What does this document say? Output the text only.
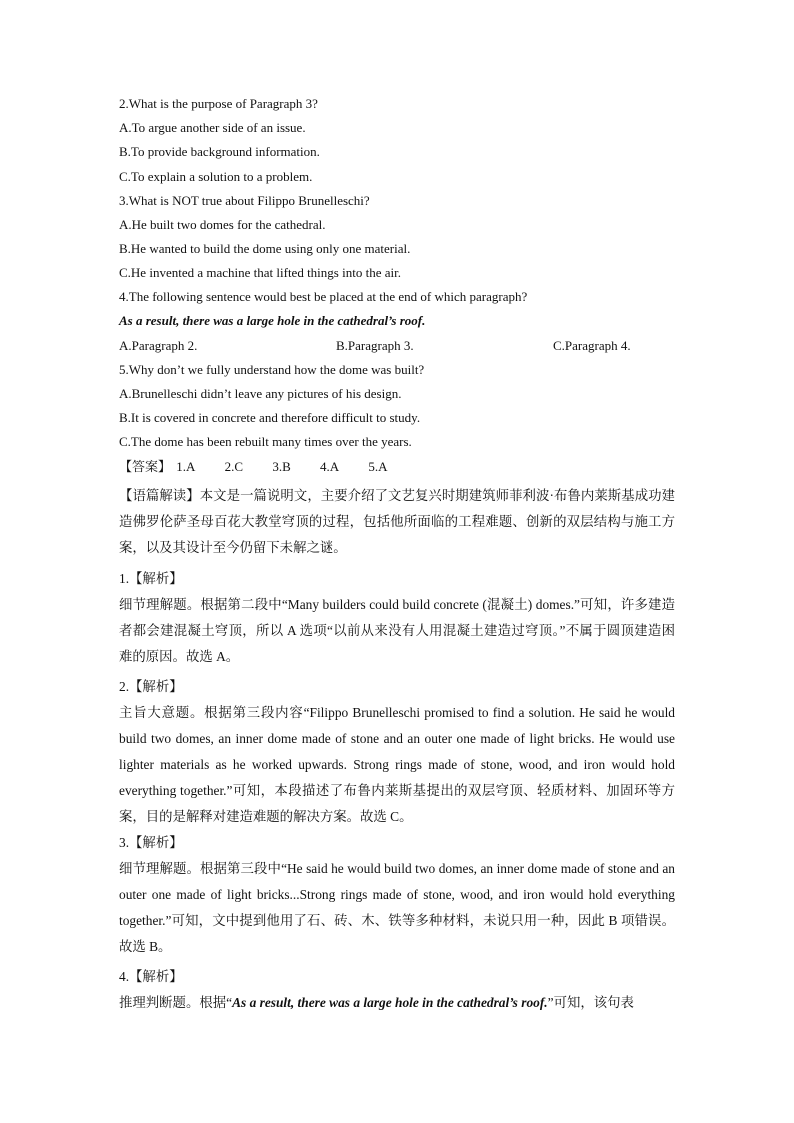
2.What is the purpose of Paragraph 3?
A.To argue another side of an issue.
B.To provide background information.
C.To explain a solution to a problem.
3.What is NOT true about Filippo Brunelleschi?
A.He built two domes for the cathedral.
B.He wanted to build the dome using only one material.
C.He invented a machine that lifted things into the air.
4.The following sentence would best be placed at the end of which paragraph?
As a result, there was a large hole in the cathedral’s roof.
A.Paragraph 2.	B.Paragraph 3.	C.Paragraph 4.
5.Why don’t we fully understand how the dome was built?
A.Brunelleschi didn’t leave any pictures of his design.
B.It is covered in concrete and therefore difficult to study.
C.The dome has been rebuilt many times over the years.
【答案】 1.A 2.C 3.B 4.A 5.A
【语篇解读】本文是一篇说明文，主要介绍了文艺复兴时期建筑师菲利波·布鲁内莱斯基成功建造佛罗伦萨圣母百花大教堂穹顶的过程，包括他所面临的工程难题、创新的双层结构与施工方案，以及其设计至今仍留下未解之谜。
1.【解析】
细节理解题。根据第二段中“Many builders could build concrete (混凝土) domes.”可知，许多建造者都会建混凝土穹顶，所以 A 选项“以前从来没有人用混凝土建造过穹顶。”不属于圆顶建造困难的原因。故选 A。
2.【解析】
主旨大意题。根据第三段内容“Filippo Brunelleschi promised to find a solution. He said he would build two domes, an inner dome made of stone and an outer one made of light bricks. He would use lighter materials as he worked upwards. Strong rings made of stone, wood, and iron would hold everything together.”可知，本段描述了布鲁内莱斯基提出的双层穹顶、轻质材料、加固环等方案，目的是解释对建造难题的解决方案。故选 C。
3.【解析】
细节理解题。根据第三段中“He said he would build two domes, an inner dome made of stone and an outer one made of light bricks...Strong rings made of stone, wood, and iron would hold everything together.”可知，文中提到他用了石、砖、木、铁等多种材料，未说只用一种，因此 B 项错误。故选 B。
4.【解析】
推理判断题。根据“As a result, there was a large hole in the cathedral’s roof.”可知，该句表
